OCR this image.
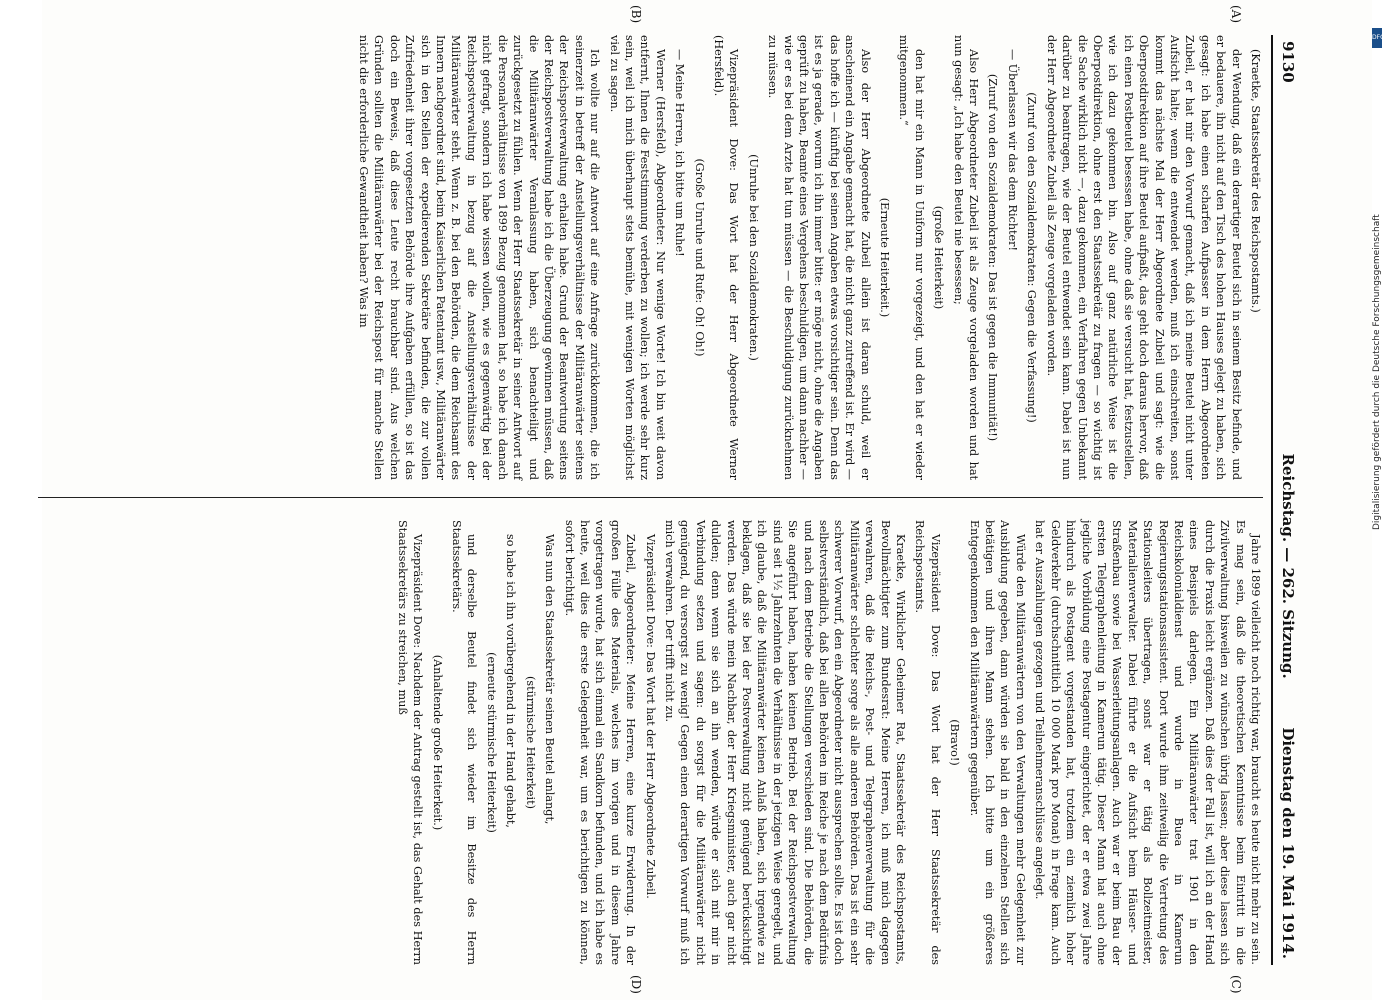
9130
Reichstag. — 262. Sitzung.
Dienstag den 19. Mai 1914.
(A)
(B)
(C)
(D)

(Kraetke, Staatssekretär des Reichspostamts.)

der Wendung, daß ein derartiger Beutel sich in seinem Besitz befinde, und er bedauere, ihn nicht auf den Tisch des hohen Hauses gelegt zu haben, sich gesagt: ich habe einen scharfen Aufpasser in dem Herrn Abgeordneten Zubeil, er hat mir den Vorwurf gemacht, daß ich meine Beutel nicht unter Aufsicht halte; wenn die entwendet werden, muß ich einschreiten, sonst kommt das nächste Mal der Herr Abgeordnete Zubeil und sagt: wie die Oberpostdirektion auf ihre Beutel aufpaßt, das geht doch daraus hervor, daß ich einen Postbeutel besessen habe, ohne daß sie versucht hat, festzustellen, wie ich dazu gekommen bin. Also auf ganz natürliche Weise ist die Oberpostdirektion, ohne erst den Staatssekretär zu fragen — so wichtig ist die Sache wirklich nicht —, dazu gekommen, ein Verfahren gegen Unbekannt darüber zu beantragen, wie der Beutel entwendet sein kann. Dabei ist nun der Herr Abgeordnete Zubeil als Zeuge vorgeladen worden.

(Zuruf von den Sozialdemokraten: Gegen die Verfassung!)

— Überlassen wir das dem Richter!

(Zuruf von den Sozialdemokraten: Das ist gegen die Immunität!)

Also Herr Abgeordneter Zubeil ist als Zeuge vorgeladen worden und hat nun gesagt: „Ich habe den Beutel nie besessen;

(große Heiterkeit)

den hat mir ein Mann in Uniform nur vorgezeigt, und den hat er wieder mitgenommen.“

(Erneute Heiterkeit.)

Also der Herr Abgeordnete Zubeil allein ist daran schuld, weil er anscheinend ein Angabe gemacht hat, die nicht ganz zutreffend ist. Er wird — das hoffe ich — künftig bei seinen Angaben etwas vorsichtiger sein. Denn das ist es ja gerade, worum ich ihn immer bitte: er möge nicht, ohne die Angaben geprüft zu haben, Beamte eines Vergehens beschuldigen, um dann nachher — wie er es bei dem Arzte hat tun müssen — die Beschuldigung zurücknehmen zu müssen.

(Unruhe bei den Sozialdemokraten.)

Vizepräsident Dove: Das Wort hat der Herr Abgeordnete Werner (Hersfeld).

(Große Unruhe und Rufe: Oh! Oh!)

— Meine Herren, ich bitte um Ruhe!

Werner (Hersfeld), Abgeordneter: Nur wenige Worte! Ich bin weit davon entfernt, Ihnen die Feststimmung verderben zu wollen; ich werde sehr kurz sein, weil ich mich überhaupt stets bemühe, mit wenigen Worten möglichst viel zu sagen.

Ich wollte nur auf die Antwort auf eine Anfrage zurückkommen, die ich seinerzeit in betreff der Anstellungsverhältnisse der Militäranwärter seitens der Reichspostverwaltung erhalten habe. Grund der Beantwortung seitens der Reichspostverwaltung habe ich die Überzeugung gewinnen müssen, daß die Militäranwärter Veranlassung haben, sich benachteiligt und zurückgesetzt zu fühlen. Wenn der Herr Staatssekretär in seiner Antwort auf die Personalverhältnisse von 1899 Bezug genommen hat, so habe ich danach nicht gefragt, sondern ich habe wissen wollen, wie es gegenwärtig bei der Reichspostverwaltung in bezug auf die Anstellungsverhältnisse der Militäranwärter steht. Wenn z. B. bei den Behörden, die dem Reichsamt des Innern nachgeordnet sind, beim Kaiserlichen Patentamt usw., Militäranwärter sich in den Stellen der expedierenden Sekretäre befinden, die zur vollen Zufriedenheit ihrer vorgesetzten Behörde ihre Aufgaben erfüllen, so ist das doch ein Beweis, daß diese Leute recht brauchbar sind. Aus welchen Gründen sollten die Militäranwärter bei der Reichspost für manche Stellen nicht die erforderliche Gewandtheit haben? Was im

Jahre 1899 vielleicht noch richtig war, braucht es heute nicht mehr zu sein. Es mag sein, daß die theoretischen Kenntnisse beim Eintritt in die Zivilverwaltung bisweilen zu wünschen übrig lassen; aber diese lassen sich durch die Praxis leicht ergänzen. Daß dies der Fall ist, will ich an der Hand eines Beispiels darlegen. Ein Militäranwärter trat 1901 in den Reichskolonialdienst und wurde in Buea in Kamerun Regierungsstationsassistent. Dort wurde ihm zeitweilig die Vertretung des Stationsleiters übertragen, sonst war er tätig als Bollzeitmeister, Materialienverwalter. Dabei führte er die Aufsicht beim Häuser- und Straßenbau sowie bei Wasserleitungsanlagen. Auch war er beim Bau der ersten Telegraphenleitung in Kamerun tätig. Dieser Mann hat auch ohne jegliche Vorbildung eine Postagentur eingerichtet, der er etwa zwei Jahre hindurch als Postagent vorgestanden hat, trotzdem ein ziemlich hoher Geldverkehr (durchschnittlich 10 000 Mark pro Monat) in Frage kam. Auch hat er Auszahlungen gezogen und Teilnehmeranschlüsse angelegt.

Würde den Militäranwärtern von den Verwaltungen mehr Gelegenheit zur Ausbildung gegeben, dann würden sie bald in den einzelnen Stellen sich betätigen und ihren Mann stehen. Ich bitte um ein größeres Entgegenkommen den Militäranwärtern gegenüber.

(Bravo!)

Vizepräsident Dove: Das Wort hat der Herr Staatssekretär des Reichspostamts.

Kraetke, Wirklicher Geheimer Rat, Staatssekretär des Reichspostamts, Bevollmächtigter zum Bundesrat: Meine Herren, ich muß mich dagegen verwahren, daß die Reichs-, Post- und Telegraphenverwaltung für die Militäranwärter schlechter sorge als alle anderen Behörden. Das ist ein sehr schwerer Vorwurf, den ein Abgeordneter nicht aussprechen sollte. Es ist doch selbstverständlich, daß bei allen Behörden im Reiche je nach dem Bedürfnis und nach dem Betriebe die Stellungen verschieden sind. Die Behörden, die Sie angeführt haben, haben keinen Betrieb. Bei der Reichspostverwaltung sind seit 1½ Jahrzehnten die Verhältnisse in der jetzigen Weise geregelt, und ich glaube, daß die Militäranwärter keinen Anlaß haben, sich irgendwie zu beklagen, daß sie bei der Postverwaltung nicht genügend berücksichtigt werden. Das würde mein Nachbar, der Herr Kriegsminister, auch gar nicht dulden; denn wenn sie sich an ihn wenden, würde er sich mit mir in Verbindung setzen und sagen: du sorgst für die Militäranwärter nicht genügend, du versorgst zu wenig! Gegen einen derartigen Vorwurf muß ich mich verwahren. Der trifft nicht zu.

Vizepräsident Dove: Das Wort hat der Herr Abgeordnete Zubeil.

Zubeil, Abgeordneter: Meine Herren, eine kurze Erwiderung. In der großen Fülle des Materials, welches im vorigen und in diesem Jahre vorgetragen wurde, hat sich einmal ein Sandkorn befunden, und ich habe es heute, weil dies die erste Gelegenheit war, um es berichtigen zu können, sofort berichtigt.

Was nun den Staatssekretär seinen Beutel anlangt,

(stürmische Heiterkeit)

so habe ich ihn vorübergehend in der Hand gehabt,

(erneute stürmische Heiterkeit)

und derselbe Beutel findet sich wieder im Besitze des Herrn Staatssekretärs.

(Anhaltende große Heiterkeit.)

Vizepräsident Dove: Nachdem der Antrag gestellt ist, das Gehalt des Herrn Staatssekretärs zu streichen, muß

DFG
Digitalisierung gefördert durch die Deutsche Forschungsgemeinschaft
